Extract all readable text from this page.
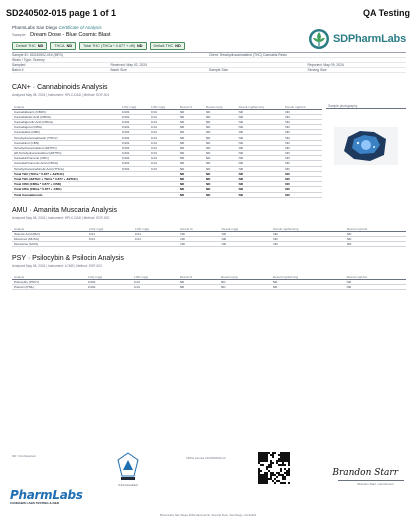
SD240502-015 page 1 of 1	QA Testing
PharmLabs San Diego Certificate of Analysis
Sample Dream Dose - Blue Cosmic Blast
Delta9 THC ND	THCA ND	Total THC (THCa * 0.877 + d9) ND	Delta8 THC ND
SDPharmLabs
Sample ID: SD240502-015 (MFD)	Client: Tetrahydrocannabinol (THC) Cannabis Resin
Strain / Type: Gummy
Sampled	Received: May 02, 2024	Reported: May 09, 2024
Batch #	Batch Size	Sample Size	Serving Size
CAN+ · Cannabinoids Analysis
Analyzed May 08, 2024 | Instrument: HPLC-DAD | Method: SOP-001
Analyte	LOQ mg/g	LOD mg/g	Result %	Result mg/g	Result mg/Serving	Result mg/Unit
Cannabidivarin (CBDV)	0.001	0.01	ND	ND	ND	ND
Cannabidiolic Acid (CBDA)	0.001	0.01	ND	ND	ND	ND
Cannabigerolic Acid (CBGA)	0.001	0.01	ND	ND	ND	ND
Cannabigerol (CBG)	0.001	0.01	ND	ND	ND	ND
Cannabidiol (CBD)	0.001	0.01	ND	ND	ND	ND
Tetrahydrocannabivarin (THCV)	0.001	0.01	ND	ND	ND	ND
Cannabinol (CBN)	0.001	0.01	ND	ND	ND	ND
Tetrahydrocannabinol (Δ9THC)	0.001	0.01	ND	ND	ND	ND
Δ8-Tetrahydrocannabinol (Δ8THC)	0.001	0.01	ND	ND	ND	ND
Cannabichromene (CBC)	0.001	0.01	ND	ND	ND	ND
Cannabichromenic Acid (CBCA)	0.001	0.01	ND	ND	ND	ND
Tetrahydrocannabinolic Acid (THCA)	0.001	0.01	ND	ND	ND	ND
Total THC (THCa * 0.877 + Δ9THC)			ND	ND	ND	ND
Total THC (Δ8THC + THCa * 0.877 + Δ9THC)			ND	ND	ND	ND
Total CBD (CBDa * 0.877 + CBD)			ND	ND	ND	ND
Total CBG (CBGa * 0.877 + CBG)			ND	ND	ND	ND
Total Cannabinoids			ND	ND	ND	ND
Sample photography
AMU · Amanita Muscaria Analysis
Analyzed May 08, 2024 | Instrument: HPLC-DAD | Method: SOP-002
Analyte	LOQ mg/g	LOD mg/g	Result %	Result mg/g	Result mg/Serving	Result mg/Unit
Ibotenic Acid (IBO)	0.01	0.01	ND	ND	ND	ND
Muscimol (MUSC)	0.01	0.01	ND	ND	ND	ND
Muscarine (MUS)			ND	ND	ND	ND
PSY · Psilocybin & Psilocin Analysis
Analyzed May 08, 2024 | Instrument: LCMS | Method: SOP-003
Analyte	LOQ mg/g	LOD mg/g	Result %	Result mg/g	Result mg/Serving	Result mg/Unit
Psilocybin (PSCY)	0.001	0.01	ND	ND	ND	ND
Psilocin (PSIL)	0.001	0.01	ND	ND	ND	ND
ND = Not Detected	CDPH License C8-0000015-LIC
PJLA Accredited
Brandon Starr
Brandon Starr, Lab Director
PharmLabs
CANNABIS LABS TESTING & R&D
PharmLabs San Diego 3233 Hancock St. Second Floor, San Diego, CA 92110
